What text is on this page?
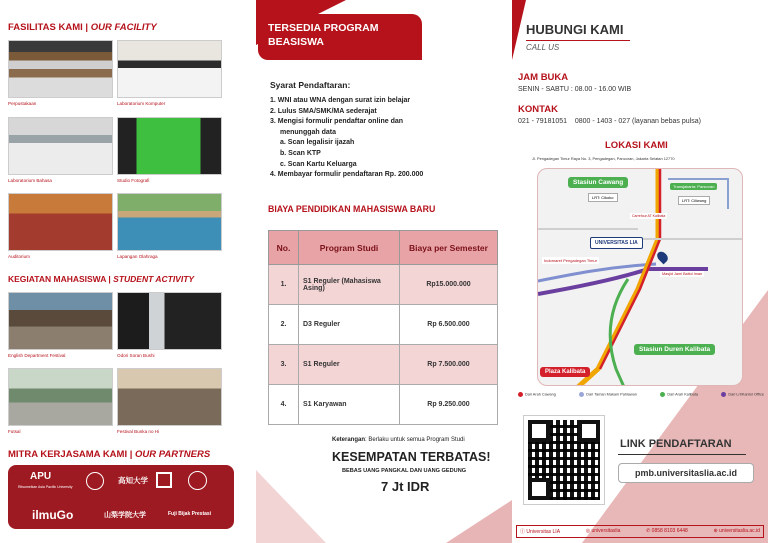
FASILITAS KAMI | OUR FACILITY
Perpustakaan	Laboratorium Komputer
Laboratorium Bahasa	Studio Fotografi
Auditorium	Lapangan Olahraga
KEGIATAN MAHASISWA | STUDENT ACTIVITY
English Department Festival	Odori Soran Bushi
Futsal	Festival Bunka no Hi
MITRA KERJASAMA KAMI | OUR PARTNERS
APU
Ritsumeikan Asia Pacific University
高知大学
ilmuGo	山梨学院大学	Fuji Bijak Prestasi
TERSEDIA PROGRAM BEASISWA
Syarat Pendaftaran:
1. WNI atau WNA dengan surat izin belajar
2. Lulus SMA/SMK/MA sederajat
3. Mengisi formulir pendaftar online dan
menunggah data
a. Scan legalisir ijazah
b. Scan KTP
c. Scan Kartu Keluarga
4. Membayar formulir pendaftaran Rp. 200.000
BIAYA PENDIDIKAN MAHASISWA BARU
No.	Program Studi	Biaya per Semester
1.	S1 Reguler (Mahasiswa Asing)	Rp15.000.000
2.	D3 Reguler	Rp 6.500.000
3.	S1 Reguler	Rp 7.500.000
4.	S1 Karyawan	Rp 9.250.000
Keterangan: Berlaku untuk semua Program Studi
KESEMPATAN TERBATAS!
BEBAS UANG PANGKAL DAN UANG GEDUNG
7 Jt IDR
HUBUNGI KAMI
CALL US
JAM BUKA
SENIN - SABTU : 08.00 - 16.00 WIB
KONTAK
021 - 79181051 0800 - 1403 - 027 (layanan bebas pulsa)
LOKASI KAMI
Jl. Pengadegan Timur Raya No. 3, Pengadegan, Pancoran, Jakarta Selatan 12770
Stasiun Cawang
Transjakarta: Pancoran
LRT: Cikoko
LRT: Ciliwung
Carrefour AT Kalibata
UNIVERSITAS LIA
Indomaret Pengadegan Timur
Masjid Jami Baitul Iman
Stasiun Duren Kalibata
Plaza Kalibata
Dari Arah Cawang	Dari Taman Makam Pahlawan	Dari Arah Kalibata	Dari Lrt/Kantor Office
LINK PENDAFTARAN
pmb.universitaslia.ac.id
ⓕ Universitas LIA	◎ universitaslia	✆ 0858 8103 6448	⊕ universitaslia.ac.id
